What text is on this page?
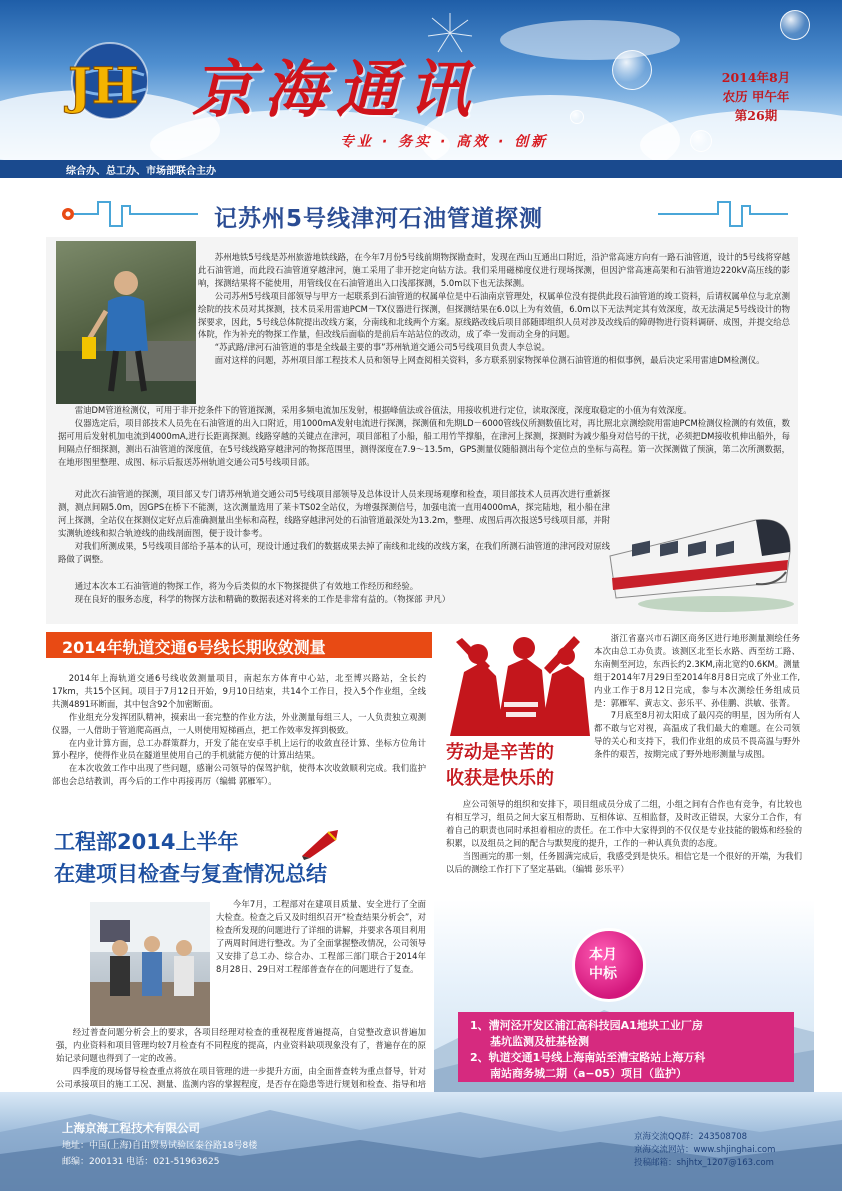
JH 京海通讯
专业 · 务实 · 高效 · 创新
2014年8月
农历 甲午年
第26期
综合办、总工办、市场部联合主办
记苏州5号线津河石油管道探测

苏州地铁5号线是苏州旅游地铁线路，在今年7月份5号线前期物探勘查时，发现在西山互通出口附近，沿沪常高速方向有一路石油管道，设计的5号线将穿越此石油管道，而此段石油管道穿越津河，施工采用了非开挖定向钻方法。我们采用磁梯度仪进行现场探测，但因沪常高速高架和石油管道边220kV高压线的影响，探测结果将不能使用，用管线仪在石油管道出入口浅部探测，5.0m以下也无法探测。

公司苏州5号线项目部领导与甲方一起联系到石油管道的权属单位是中石油南京管理处，权属单位没有提供此段石油管道的竣工资料，后请权属单位与北京测绘院的技术员对其探测，技术员采用雷迪PCM－TX仪器进行探测，但探测结果在6.0以上为有效值，6.0m以下无法判定其有效深度，故无法满足5号线设计的物探要求，因此，5号线总体院提出改线方案，分南线和北线两个方案。原线路改线后项目部随即组织人员对涉及改线后的障碍物进行资料调研、成图，并提交给总体院，作为补充的物探工作量，但改线后面临的是前后车站站位的改动，成了牵一发而动全身的问题。

“苏武路/津河石油管道的事是全线最主要的事”苏州轨道交通公司5号线项目负责人李总说。

面对这样的问题，苏州项目部工程技术人员和领导上网查阅相关资料，多方联系别家物探单位测石油管道的相似事例，最后决定采用雷迪DM检测仪。

雷迪DM管道检测仪，可用于非开挖条件下的管道探测，采用多频电流加压发射，根据峰值法或谷值法，用接收机进行定位，读取深度，深度取稳定的小值为有效深度。

仪器选定后，项目部技术人员先在石油管道的出入口附近，用1000mA发射电流进行探测，探测值和先期LD－6000管线仪所测数值比对，再比照北京测绘院用雷迪PCM检测仪检测的有效值，数据可用后发射机加电流到4000mA,进行长距离探测。线路穿越的关键点在津河，项目部租了小船，船工用竹竿撑船，在津河上探测，探测时为减少船身对信号的干扰，必须把DM接收机伸出船外，每间隔点仔细探测，测出石油管道的深度值，在5号线线路穿越津河的物探范围里，测得深度在7.9～13.5m，GPS测量仪随船测出每个定位点的坐标与高程。第一次探测做了预演，第二次所测数据，在地形图里整理、成图、标示后报送苏州轨道交通公司5号线项目部。

对此次石油管道的探测，项目部又专门请苏州轨道交通公司5号线项目部领导及总体设计人员来现场观摩和检查，项目部技术人员再次进行重新探测，测点间隔5.0m，因GPS在桥下不能测，这次测量选用了莱卡TS02全站仪，为增强探测信号，加强电流一直用4000mA，探完陆地，租小船在津河上探测，全站仪在探测仪定好点后准确测量出坐标和高程，线路穿越津河处的石油管道最深处为13.2m，整理、成图后再次报送5号线项目部，并附实测轨迹线和拟合轨迹线的曲线剖面图，便于设计参考。

对我们所测成果，5号线项目部给予基本的认可，现设计通过我们的数据成果去掉了南线和北线的改线方案，在我们所测石油管道的津河段对原线路做了调整。

通过本次本工石油管道的物探工作，将为今后类似的水下物探提供了有效地工作经历和经验。

现在良好的服务态度，科学的物探方法和精确的数据表述对将来的工作是非常有益的。（物探部 尹凡）

2014年轨道交通6号线长期收敛测量

2014年上海轨道交通6号线收敛测量项目，南起东方体育中心站，北至博兴路站，全长约17km，共15个区间。项目于7月12日开始，9月10日结束，共14个工作日，投入5个作业组，全线共测4891环断面，其中包含92个加密断面。

作业组充分发挥团队精神，摸索出一套完整的作业方法，外业测量每组三人，一人负责独立观测仪器，一人借助于管道爬高画点，一人则使用短梯画点，把工作效率发挥到极致。

在内业计算方面，总工办群策群力，开发了能在安卓手机上运行的收敛直径计算、坐标方位角计算小程序，使得作业员在隧道里使用自己的手机就能方便的计算出结果。

在本次收敛工作中出现了些问题，感谢公司领导的保驾护航，使得本次收敛顺利完成。我们监护部也会总结教训，再今后的工作中再接再厉（编辑 郭雁军）。

劳动是辛苦的
收获是快乐的

浙江省嘉兴市石湖区商务区进行地形测量测绘任务本次由总工办负责。该测区北至长水路、西至纺工路、东南侧至河边，东西长约2.3KM,南北宽约0.6KM。测量组于2014年7月29日至2014年8月8日完成了外业工作,内业工作于8月12日完成，参与本次测绘任务组成员是：郭雁军、黄志文、彭乐平、孙佳鹏、洪敏、张菁。

7月底至8月初太阳成了最闪亮的明星，因为所有人都不敢与它对视，高温成了我们最大的难题。在公司领导的关心和支持下，我们作业组的成员不畏高温与野外条件的艰苦，按期完成了野外地形测量与成图。

应公司领导的组织和安排下，项目组成员分成了二组，小组之间有合作也有竞争，有比较也有相互学习，组员之间大家互相帮助、互相体谅、互相监督，及时改正错误，大家分工合作，有着自己的职责也同时承担着相应的责任。在工作中大家得到的不仅仅是专业技能的锻炼和经验的积累，以及组员之间的配合与默契度的提升，工作的一种认真负责的态度。

当图画完的那一刻，任务圆满完成后，我感受到是快乐。相信它是一个很好的开端，为我们以后的测绘工作打下了坚定基础。（编辑 彭乐平）

工程部2014上半年
在建项目检查与复查情况总结

今年7月，工程部对在建项目质量、安全进行了全面大检查。检查之后又及时组织召开“检查结果分析会”，对检查所发现的问题进行了详细的讲解，并要求各项目利用了两周时间进行整改。为了全面掌握整改情况，公司领导又安排了总工办、综合办、工程部三部门联合于2014年8月28日、29日对工程部普查存在的问题进行了复查。

经过普查问题分析会上的要求，各项目经理对检查的重视程度普遍提高，自觉整改意识普遍加强，内业资料和项目管理均较7月检查有不同程度的提高，内业资料缺项现象没有了，普遍存在的原始记录问题也得到了一定的改善。

四季度的现场督导检查重点将放在项目管理的进一步提升方面，由全面普查转为重点督导，针对公司承接项目的施工工况、测量、监测内容的掌握程度，是否存在隐患等进行规划和检查、指导和培

本月
中标
1、漕河泾开发区浦江高科技园A1地块工业厂房
基坑监测及桩基检测
2、轨道交通1号线上海南站至漕宝路站上海万科
南站商务城二期（a−05）项目（监护）
上海京海工程技术有限公司
地址：中国(上海)自由贸易试验区泰谷路18号8楼
邮编：200131 电话：021-51963625
京海交流QQ群：243508708
京海交流网站：www.shjinghai.com
投稿邮箱：shjhtx_1207@163.com
